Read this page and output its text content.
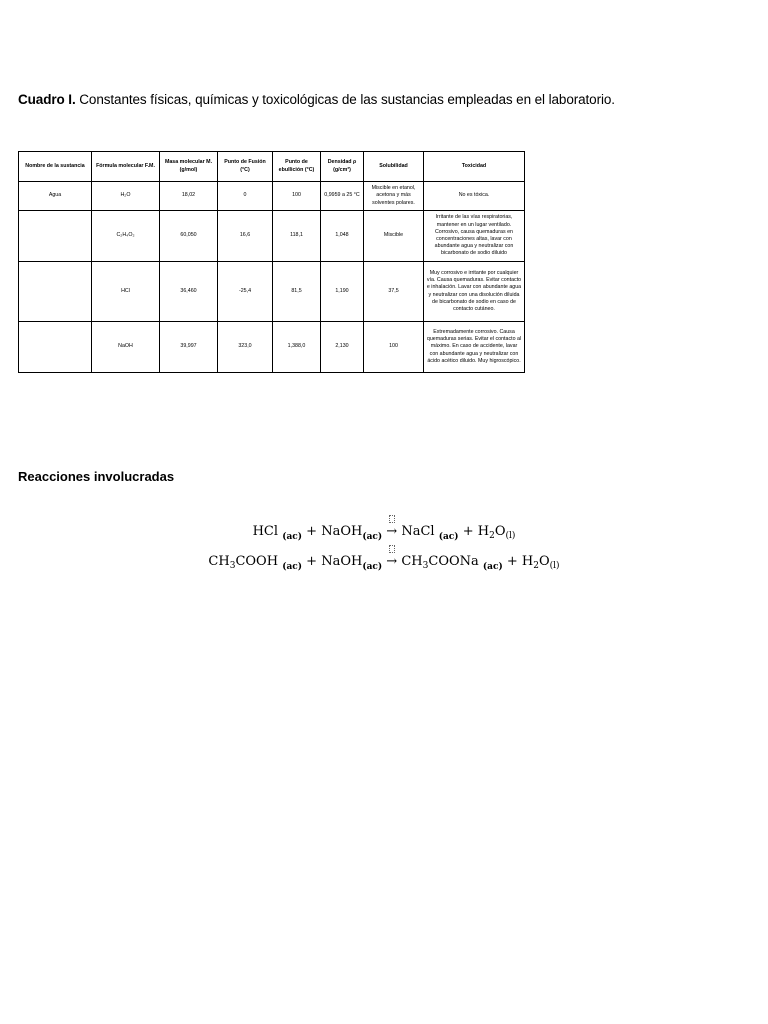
Cuadro I. Constantes físicas, químicas y toxicológicas de las sustancias empleadas en el laboratorio.
Nombre de la sustancia	Fórmula molecular F.M.	Masa molecular M. (g/mol)	Punto de Fusión (°C)	Punto de ebullición (°C)	Densidad ρ (g/cm³)	Solubilidad	Toxicidad
Agua	H₂O	18,02	0	100	0,9959 a 25 °C	Miscible en etanol, acetona y más solventes polares.	No es tóxica.
	C₂H₄O₂	60,050	16,6	118,1	1,048	Miscible	Irritante de las vías respiratorias, mantener en un lugar ventilado. Corrosivo, causa quemaduras en concentraciones altas, lavar con abundante agua y neutralizar con bicarbonato de sodio diluido
	HCl	36,460	-25,4	81,5	1,190	37,5	Muy corrosivo e irritante por cualquier vía. Causa quemaduras. Evitar contacto e inhalación. Lavar con abundante agua y neutralizar con una disolución diluida de bicarbonato de sodio en caso de contacto cutáneo.
	NaOH	39,997	323,0	1,388,0	2,130	100	Extremadamente corrosivo. Causa quemaduras serias. Evitar el contacto al máximo. En caso de accidente, lavar con abundante agua y neutralizar con ácido acético diluido. Muy higroscópico.
Reacciones involucradas
HCl $_{(ac)}$ + NaOH$_{(ac)}$ → NaCl $_{(ac)} + H_2O_{(l)}$
$CH_3COOH$ $_{(ac)}$ + NaOH$_{(ac)}$ → $CH_3COONa$ $_{(ac)} + H_2O_{(l)}$
